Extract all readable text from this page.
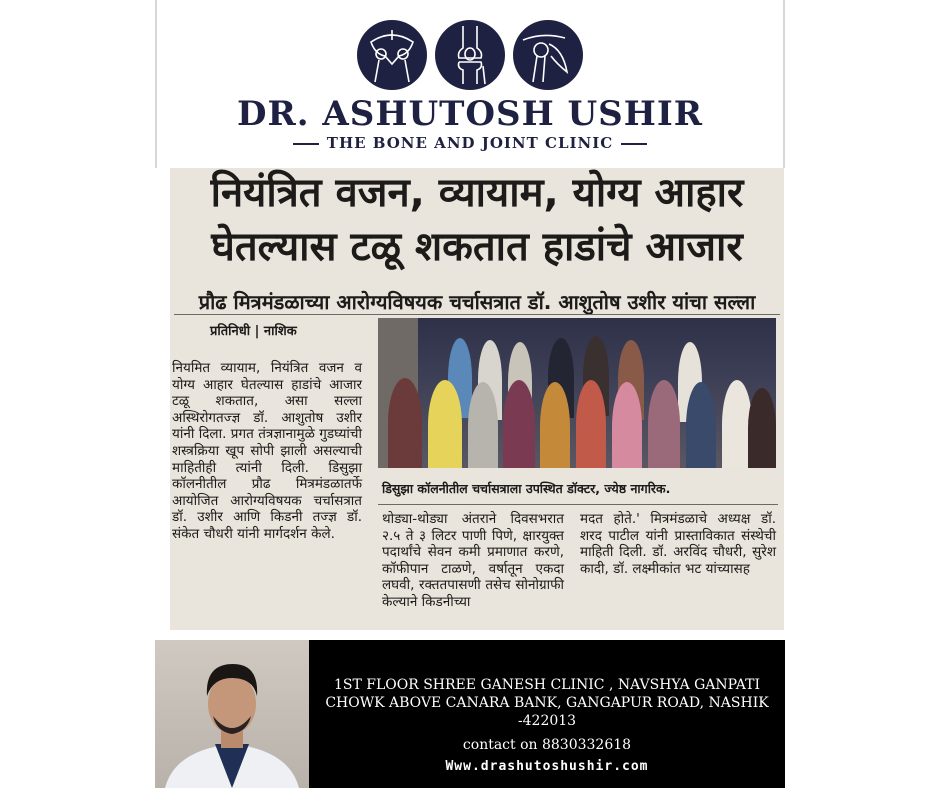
DR. ASHUTOSH USHIR
THE BONE AND JOINT CLINIC
नियंत्रित वजन, व्यायाम, योग्य आहार
घेतल्यास टळू शकतात हाडांचे आजार
प्रौढ मित्रमंडळाच्या आरोग्यविषयक चर्चासत्रात डॉ. आशुतोष उशीर यांचा सल्ला
प्रतिनिधी | नाशिक
डिसुझा कॉलनीतील चर्चासत्राला उपस्थित डॉक्टर, ज्येष्ठ नागरिक.
नियमित व्यायाम, नियंत्रित वजन व योग्य आहार घेतल्यास हाडांचे आजार टळू शकतात, असा सल्ला अस्थिरोगतज्ज्ञ डॉ. आशुतोष उशीर यांनी दिला. प्रगत तंत्रज्ञानामुळे गुडघ्यांची शस्त्रक्रिया खूप सोपी झाली असल्याची माहितीही त्यांनी दिली. डिसुझा कॉलनीतील प्रौढ मित्रमंडळातर्फे आयोजित आरोग्यविषयक चर्चासत्रात डॉ. उशीर आणि किडनी तज्ज्ञ डॉ. संकेत चौधरी यांनी मार्गदर्शन केले.
थोड्या-थोड्या अंतराने दिवसभरात २.५ ते ३ लिटर पाणी पिणे, क्षारयुक्त पदार्थांचे सेवन कमी प्रमाणात करणे, कॉफीपान टाळणे, वर्षातून एकदा लघवी, रक्ततपासणी तसेच सोनोग्राफी केल्याने किडनीच्या
मदत होते.' मित्रमंडळाचे अध्यक्ष डॉ. शरद पाटील यांनी प्रास्ताविकात संस्थेची माहिती दिली. डॉ. अरविंद चौधरी, सुरेश कादी, डॉ. लक्ष्मीकांत भट यांच्यासह
1ST FLOOR SHREE GANESH CLINIC , NAVSHYA GANPATI CHOWK ABOVE CANARA BANK, GANGAPUR ROAD, NASHIK -422013
contact on 8830332618
Www.drashutoshushir.com
